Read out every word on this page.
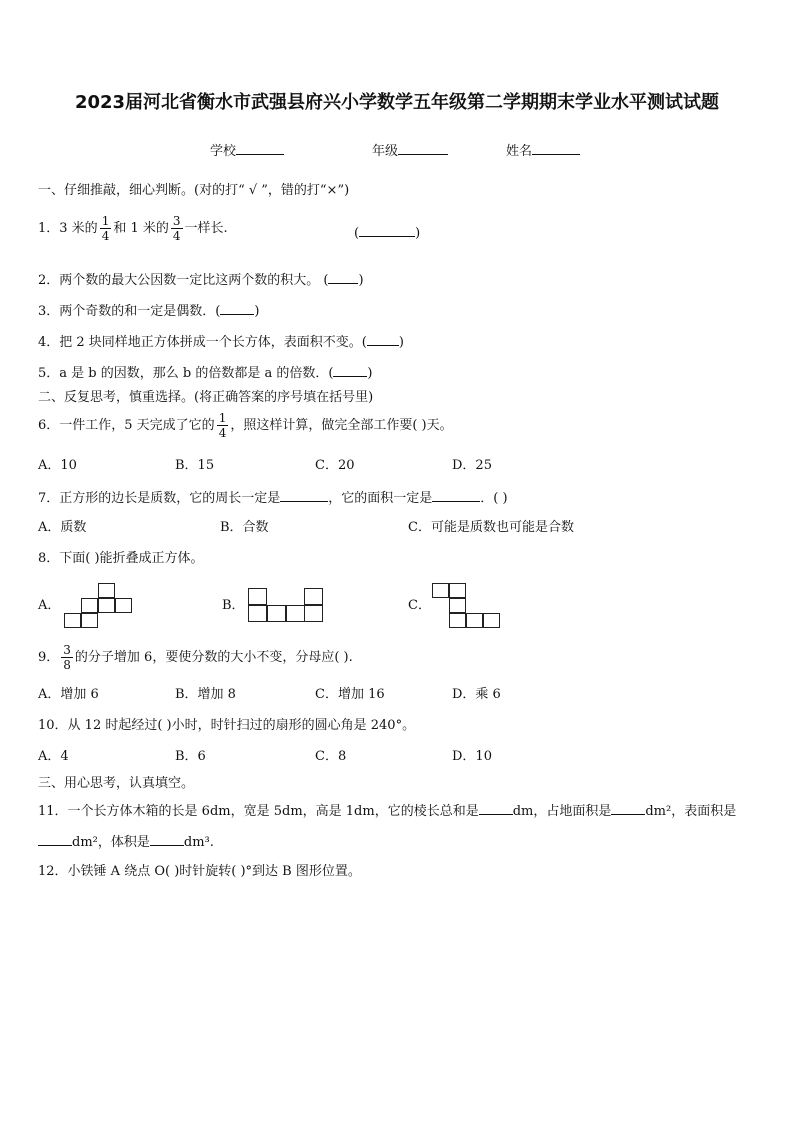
2023届河北省衡水市武强县府兴小学数学五年级第二学期期末学业水平测试试题
学校	年级	姓名
一、仔细推敲，细心判断。(对的打“ √ ”，错的打“×”)
1．3 米的 $\frac{1}{4}$ 和 1 米的 $\frac{3}{4}$ 一样长.	(	)
2．两个数的最大公因数一定比这两个数的积大。 ( )
3．两个奇数的和一定是偶数．(	)
4．把 2 块同样地正方体拼成一个长方体，表面积不变。( )
5．a 是 b 的因数，那么 b 的倍数都是 a 的倍数．(	)
二、反复思考，慎重选择。(将正确答案的序号填在括号里)
6．一件工作，5 天完成了它的 $\frac{1}{4}$ ，照这样计算，做完全部工作要( )天。
A．10	B．15	C．20	D．25
7．正方形的边长是质数，它的周长一定是	，它的面积一定是	．( )
A．质数	B．合数	C．可能是质数也可能是合数
8．下面( )能折叠成正方体。
A．	B．	C．
9． $\frac{3}{8}$ 的分子增加 6，要使分数的大小不变，分母应( ).
A．增加 6	B．增加 8	C．增加 16	D．乘 6
10．从 12 时起经过( )小时，时针扫过的扇形的圆心角是 240°。
A．4	B．6	C．8	D．10
三、用心思考，认真填空。
11．一个长方体木箱的长是 6dm，宽是 5dm，高是 1dm，它的棱长总和是	dm，占地面积是	dm²，表面积是
dm²，体积是	dm³.
12．小铁锤 A 绕点 O( )时针旋转( )°到达 B 图形位置。
